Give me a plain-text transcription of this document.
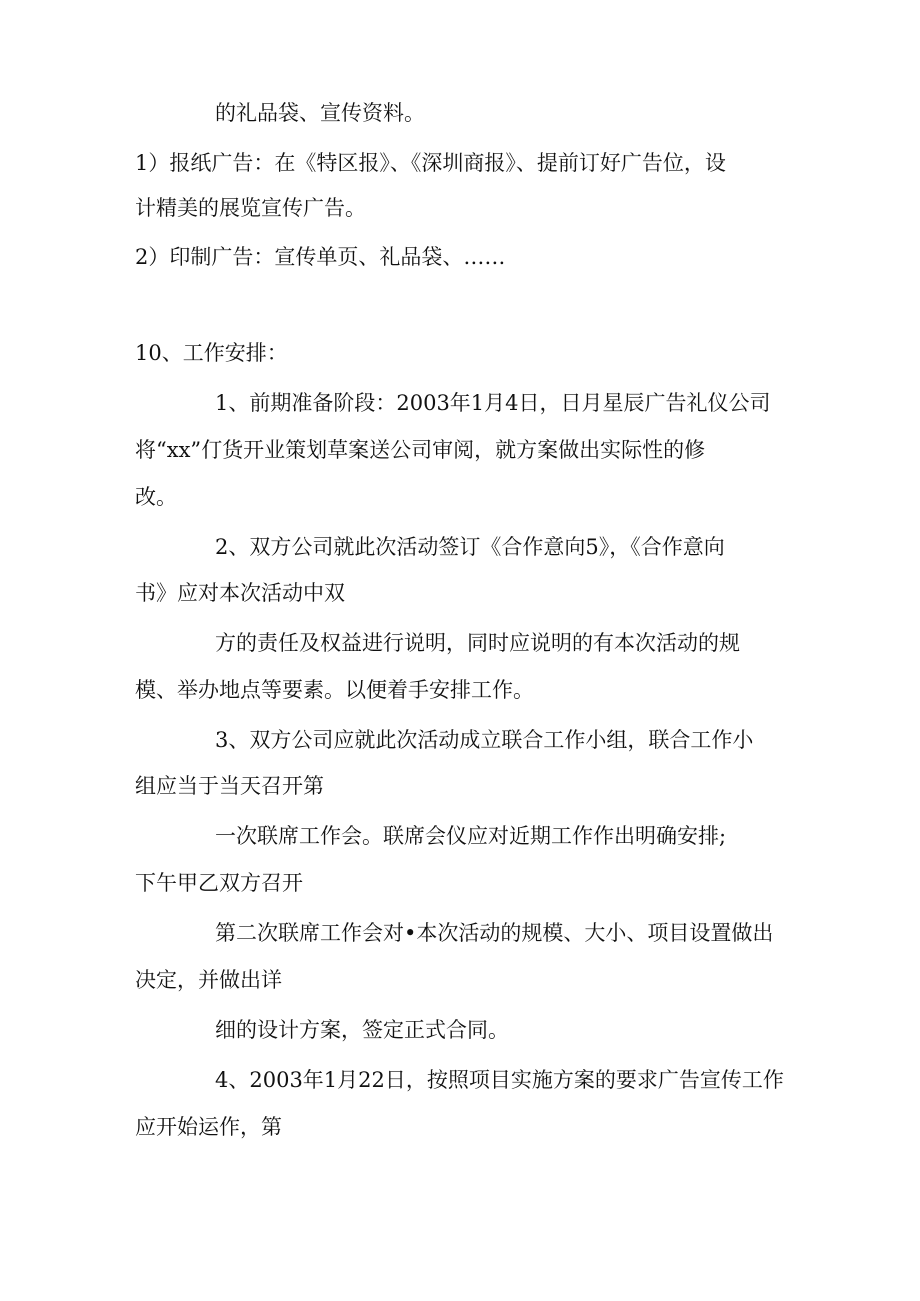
的礼品袋、宣传资料。
1）报纸广告：在《特区报》、《深圳商报》、提前订好广告位，设
计精美的展览宣传广告。
2）印制广告：宣传单页、礼品袋、……
10、工作安排：
1、前期准备阶段：2003年1月4日，日月星辰广告礼仪公司
将“xx”仃货开业策划草案送公司审阅，就方案做出实际性的修
改。
2、双方公司就此次活动签订《合作意向5》，《合作意向
书》应对本次活动中双
方的责任及权益进行说明，同时应说明的有本次活动的规
模、举办地点等要素。以便着手安排工作。
3、双方公司应就此次活动成立联合工作小组，联合工作小
组应当于当天召开第
一次联席工作会。联席会仪应对近期工作作出明确安排;
下午甲乙双方召开
第二次联席工作会对•本次活动的规模、大小、项目设置做出
决定，并做出详
细的设计方案，签定正式合同。
4、2003年1月22日，按照项目实施方案的要求广告宣传工作
应开始运作，第
